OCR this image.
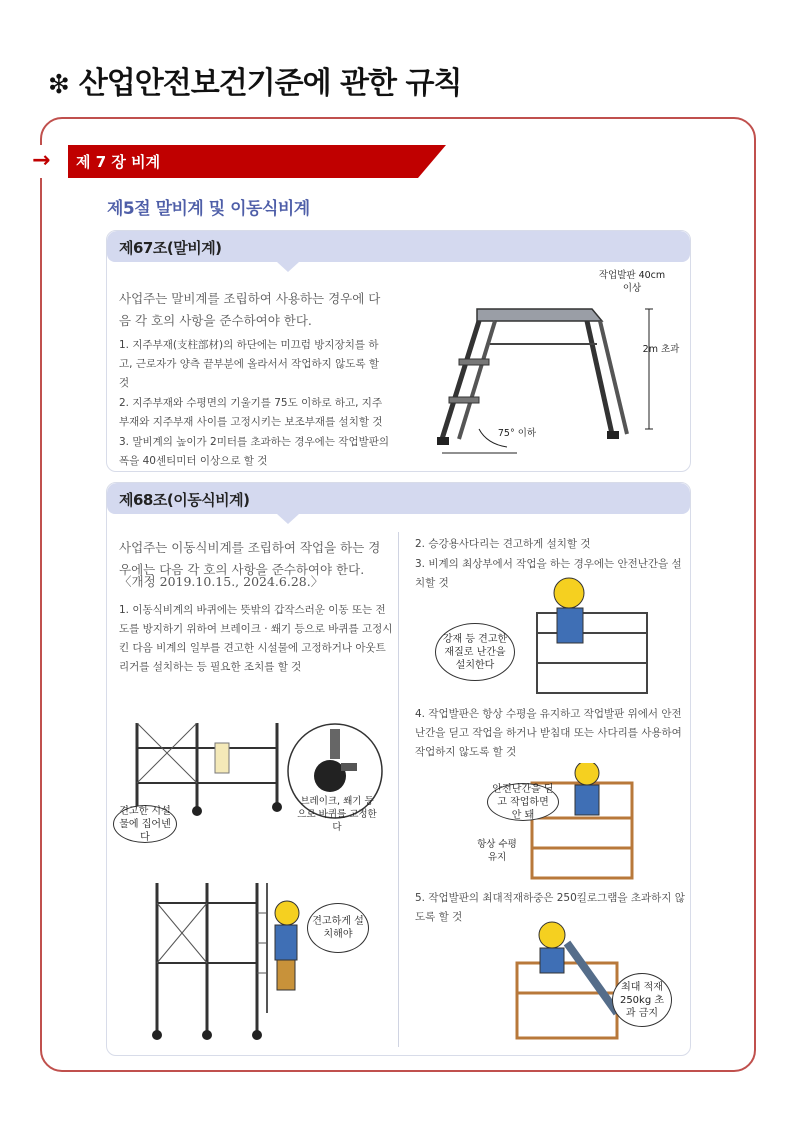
❇ 산업안전보건기준에 관한 규칙
→ 제 7 장 비계
제5절 말비계 및 이동식비계
제67조(말비계)
사업주는 말비계를 조립하여 사용하는 경우에 다음 각 호의 사항을 준수하여야 한다.
1. 지주부재(支柱部材)의 하단에는 미끄럼 방지장치를 하고, 근로자가 양측 끝부분에 올라서서 작업하지 않도록 할 것
2. 지주부재와 수평면의 기울기를 75도 이하로 하고, 지주부재와 지주부재 사이를 고정시키는 보조부재를 설치할 것
3. 말비계의 높이가 2미터를 초과하는 경우에는 작업발판의 폭을 40센티미터 이상으로 할 것
작업발판 40cm 이상
2m 초과
75° 이하
제68조(이동식비계)
사업주는 이동식비계를 조립하여 작업을 하는 경우에는 다음 각 호의 사항을 준수하여야 한다.
〈개정 2019.10.15., 2024.6.28.〉
1. 이동식비계의 바퀴에는 뜻밖의 갑작스러운 이동 또는 전도를 방지하기 위하여 브레이크 · 쐐기 등으로 바퀴를 고정시킨 다음 비계의 일부를 견고한 시설물에 고정하거나 아웃트리거를 설치하는 등 필요한 조치를 할 것
2. 승강용사다리는 견고하게 설치할 것
3. 비계의 최상부에서 작업을 하는 경우에는 안전난간을 설치할 것
4. 작업발판은 항상 수평을 유지하고 작업발판 위에서 안전난간을 딛고 작업을 하거나 받침대 또는 사다리를 사용하여 작업하지 않도록 할 것
5. 작업발판의 최대적재하중은 250킬로그램을 초과하지 않도록 할 것
견고한 시설물에 집어넨다
브레이크, 쐐기 등으로 바퀴를 고정한다
견고하게 설치해야
강재 등 견고한 재질로 난간을 설치한다
안전난간을 딛고 작업하면 안 돼
항상 수평 유지
최대 적재 250kg 초과 금지
